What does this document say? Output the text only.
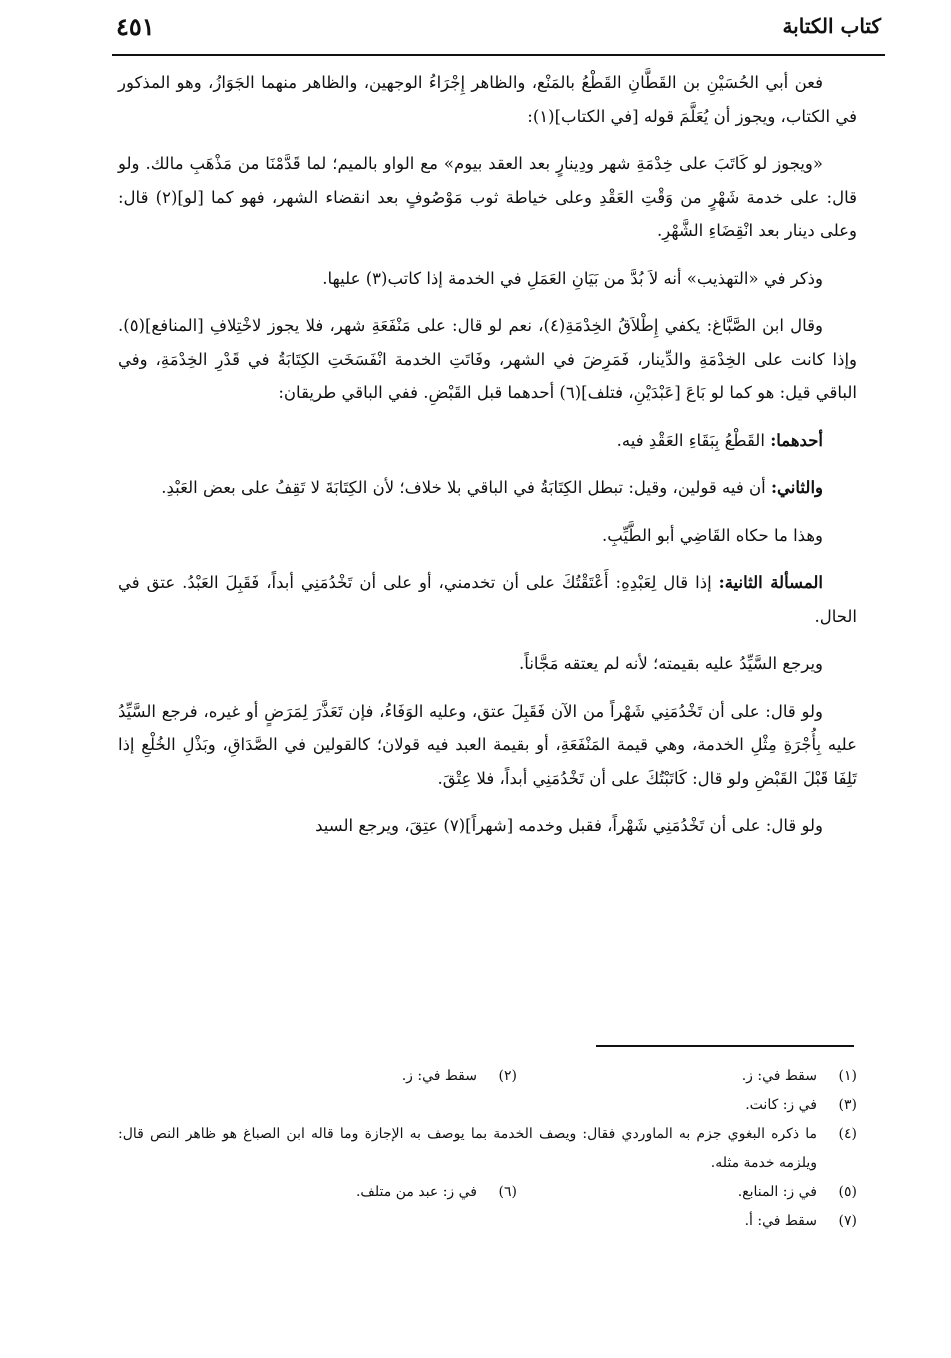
كتاب الكتابة
٤٥١

فعن أبي الحُسَيْنِ بن القَطَّانِ القَطْعُ بالمَنْع، والظاهر إِجْرَاءُ الوجهين، والظاهر منهما الجَوَازُ، وهو المذكور في الكتاب، ويجوز أن يُعَلَّمَ قوله [في الكتاب](١):

«ويجوز لو كَاتَبَ على خِدْمَةِ شهر ودِينارٍ بعد العقد بيوم» مع الواو بالميم؛ لما قَدَّمْنَا من مَذْهَبِ مالك. ولو قال: على خدمة شَهْرٍ من وَقْتِ العَقْدِ وعلى خياطة ثوب مَوْصُوفٍ بعد انقضاء الشهر، فهو كما [لو](٢) قال: وعلى دينار بعد انْقِضَاءِ الشَّهْرِ.

وذكر في «التهذيب» أنه لاَ بُدَّ من بَيَانِ العَمَلِ في الخدمة إذا كاتب(٣) عليها.

وقال ابن الصَّبَّاغ: يكفي إِطْلاَقُ الخِدْمَةِ(٤)، نعم لو قال: على مَنْفَعَةِ شهر، فلا يجوز لاخْتِلافِ [المنافع](٥). وإذا كانت على الخِدْمَةِ والدِّينار، فَمَرِضَ في الشهر، وفَاتَتِ الخدمة انْفَسَخَتِ الكِتَابَةُ في قَدْرِ الخِدْمَةِ، وفي الباقي قيل: هو كما لو بَاعَ [عَبْدَيْنِ، فتلف](٦) أحدهما قبل القَبْضِ. ففي الباقي طريقان:

أحدهما: القَطْعُ بِبَقَاءِ العَقْدِ فيه.

والثاني: أن فيه قولين، وقيل: تبطل الكِتَابَةُ في الباقي بلا خلاف؛ لأن الكِتَابَةَ لا تَقِفُ على بعض العَبْدِ.

وهذا ما حكاه القَاضِي أبو الطَّيِّبِ.

المسألة الثانية: إذا قال لِعَبْدِهِ: أَعْتَقْتُكَ على أن تخدمني، أو على أن تَخْدُمَنِي أبداً، فَقَبِلَ العَبْدُ. عتق في الحال.

ويرجع السَّيِّدُ عليه بقيمته؛ لأنه لم يعتقه مَجَّاناً.

ولو قال: على أن تَخْدُمَنِي شَهْراً من الآن فَقَبِلَ عتق، وعليه الوَفَاءُ، فإن تَعَذَّرَ لِمَرَضٍ أو غيره، فرجع السَّيِّدُ عليه بِأُجْرَةِ مِثْلِ الخدمة، وهي قيمة المَنْفَعَةِ، أو بقيمة العبد فيه قولان؛ كالقولين في الصَّدَاقِ، وبَذْلِ الخُلْعِ إذا تَلِفَا قَبْلَ القَبْضِ ولو قال: كَاتَبْتُكَ على أن تَخْدُمَنِي أبداً، فلا عِتْقَ.

ولو قال: على أن تَخْدُمَنِي شَهْراً، فقبل وخدمه [شهراً](٧) عتِقَ، ويرجع السيد

(١)
سقط في: ز.
(٢)
سقط في: ز.
(٣)
في ز: كانت.
(٤)
ما ذكره البغوي جزم به الماوردي فقال: ويصف الخدمة بما يوصف به الإجازة وما قاله ابن الصباغ هو ظاهر النص قال: ويلزمه خدمة مثله.
(٥)
في ز: المنابع.
(٦)
في ز: عبد من متلف.
(٧)
سقط في: أ.
